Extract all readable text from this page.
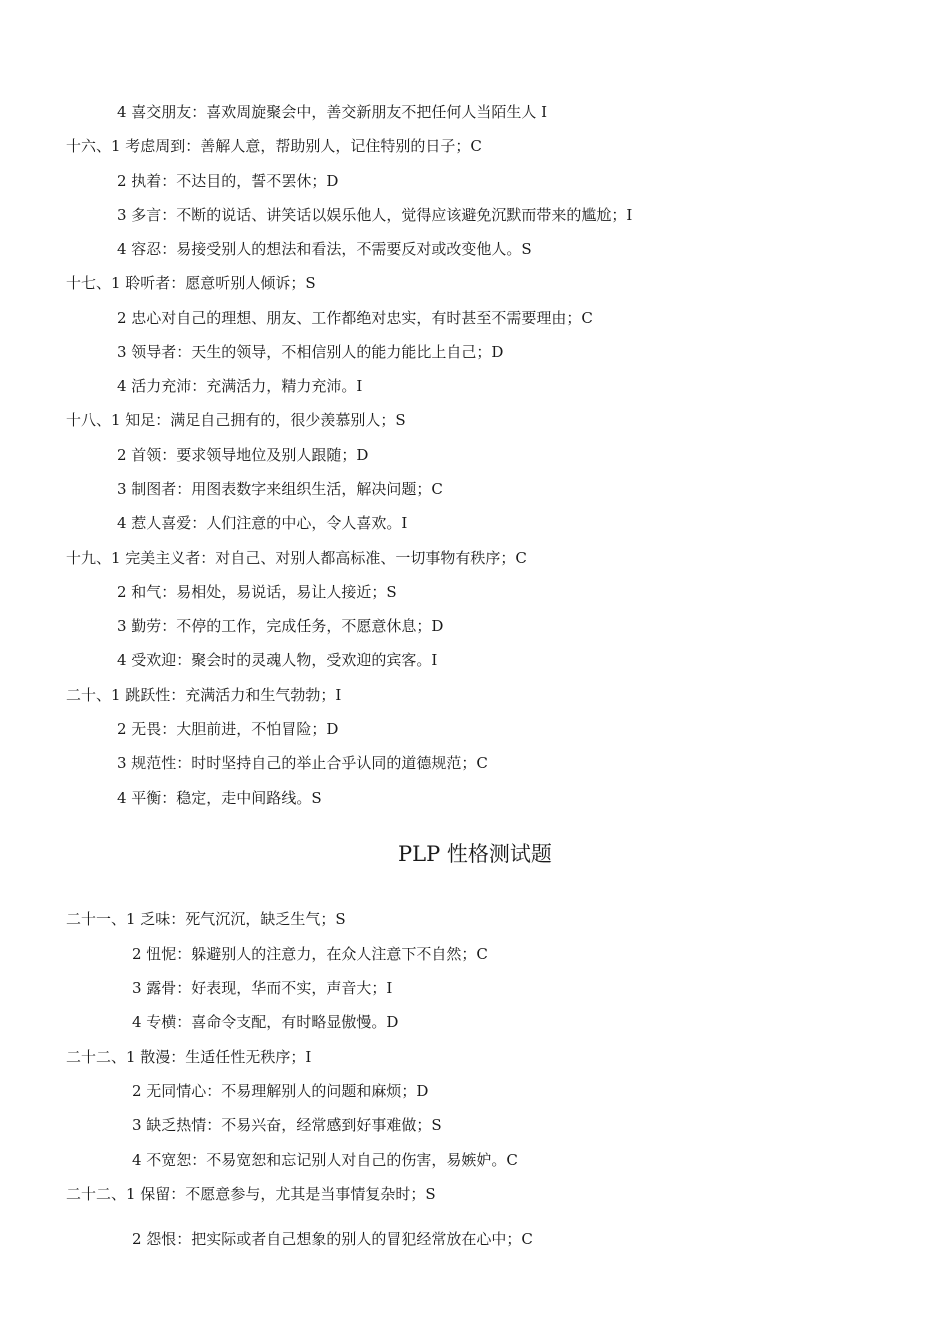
4 喜交朋友：喜欢周旋聚会中，善交新朋友不把任何人当陌生人 I
十六、1 考虑周到：善解人意，帮助别人，记住特别的日子；C
2 执着：不达目的，誓不罢休；D
3 多言：不断的说话、讲笑话以娱乐他人，觉得应该避免沉默而带来的尴尬；I
4 容忍：易接受别人的想法和看法，不需要反对或改变他人。S
十七、1 聆听者：愿意听别人倾诉；S
2 忠心对自己的理想、朋友、工作都绝对忠实，有时甚至不需要理由；C
3 领导者：天生的领导，不相信别人的能力能比上自己；D
4 活力充沛：充满活力，精力充沛。I
十八、1 知足：满足自己拥有的，很少羡慕别人；S
2 首领：要求领导地位及别人跟随；D
3 制图者：用图表数字来组织生活，解决问题；C
4 惹人喜爱：人们注意的中心，令人喜欢。I
十九、1 完美主义者：对自己、对别人都高标准、一切事物有秩序；C
2 和气：易相处，易说话，易让人接近；S
3 勤劳：不停的工作，完成任务，不愿意休息；D
4 受欢迎：聚会时的灵魂人物，受欢迎的宾客。I
二十、1 跳跃性：充满活力和生气勃勃；I
2 无畏：大胆前进，不怕冒险；D
3 规范性：时时坚持自己的举止合乎认同的道德规范；C
4 平衡：稳定，走中间路线。S
PLP 性格测试题
二十一、1 乏味：死气沉沉，缺乏生气；S
2 忸怩：躲避别人的注意力，在众人注意下不自然；C
3 露骨：好表现，华而不实，声音大；I
4 专横：喜命令支配，有时略显傲慢。D
二十二、1 散漫：生适任性无秩序；I
2 无同情心：不易理解别人的问题和麻烦；D
3 缺乏热情：不易兴奋，经常感到好事难做；S
4 不宽恕：不易宽恕和忘记别人对自己的伤害，易嫉妒。C
二十二、1 保留：不愿意参与，尤其是当事情复杂时；S
2 怨恨：把实际或者自己想象的别人的冒犯经常放在心中；C
